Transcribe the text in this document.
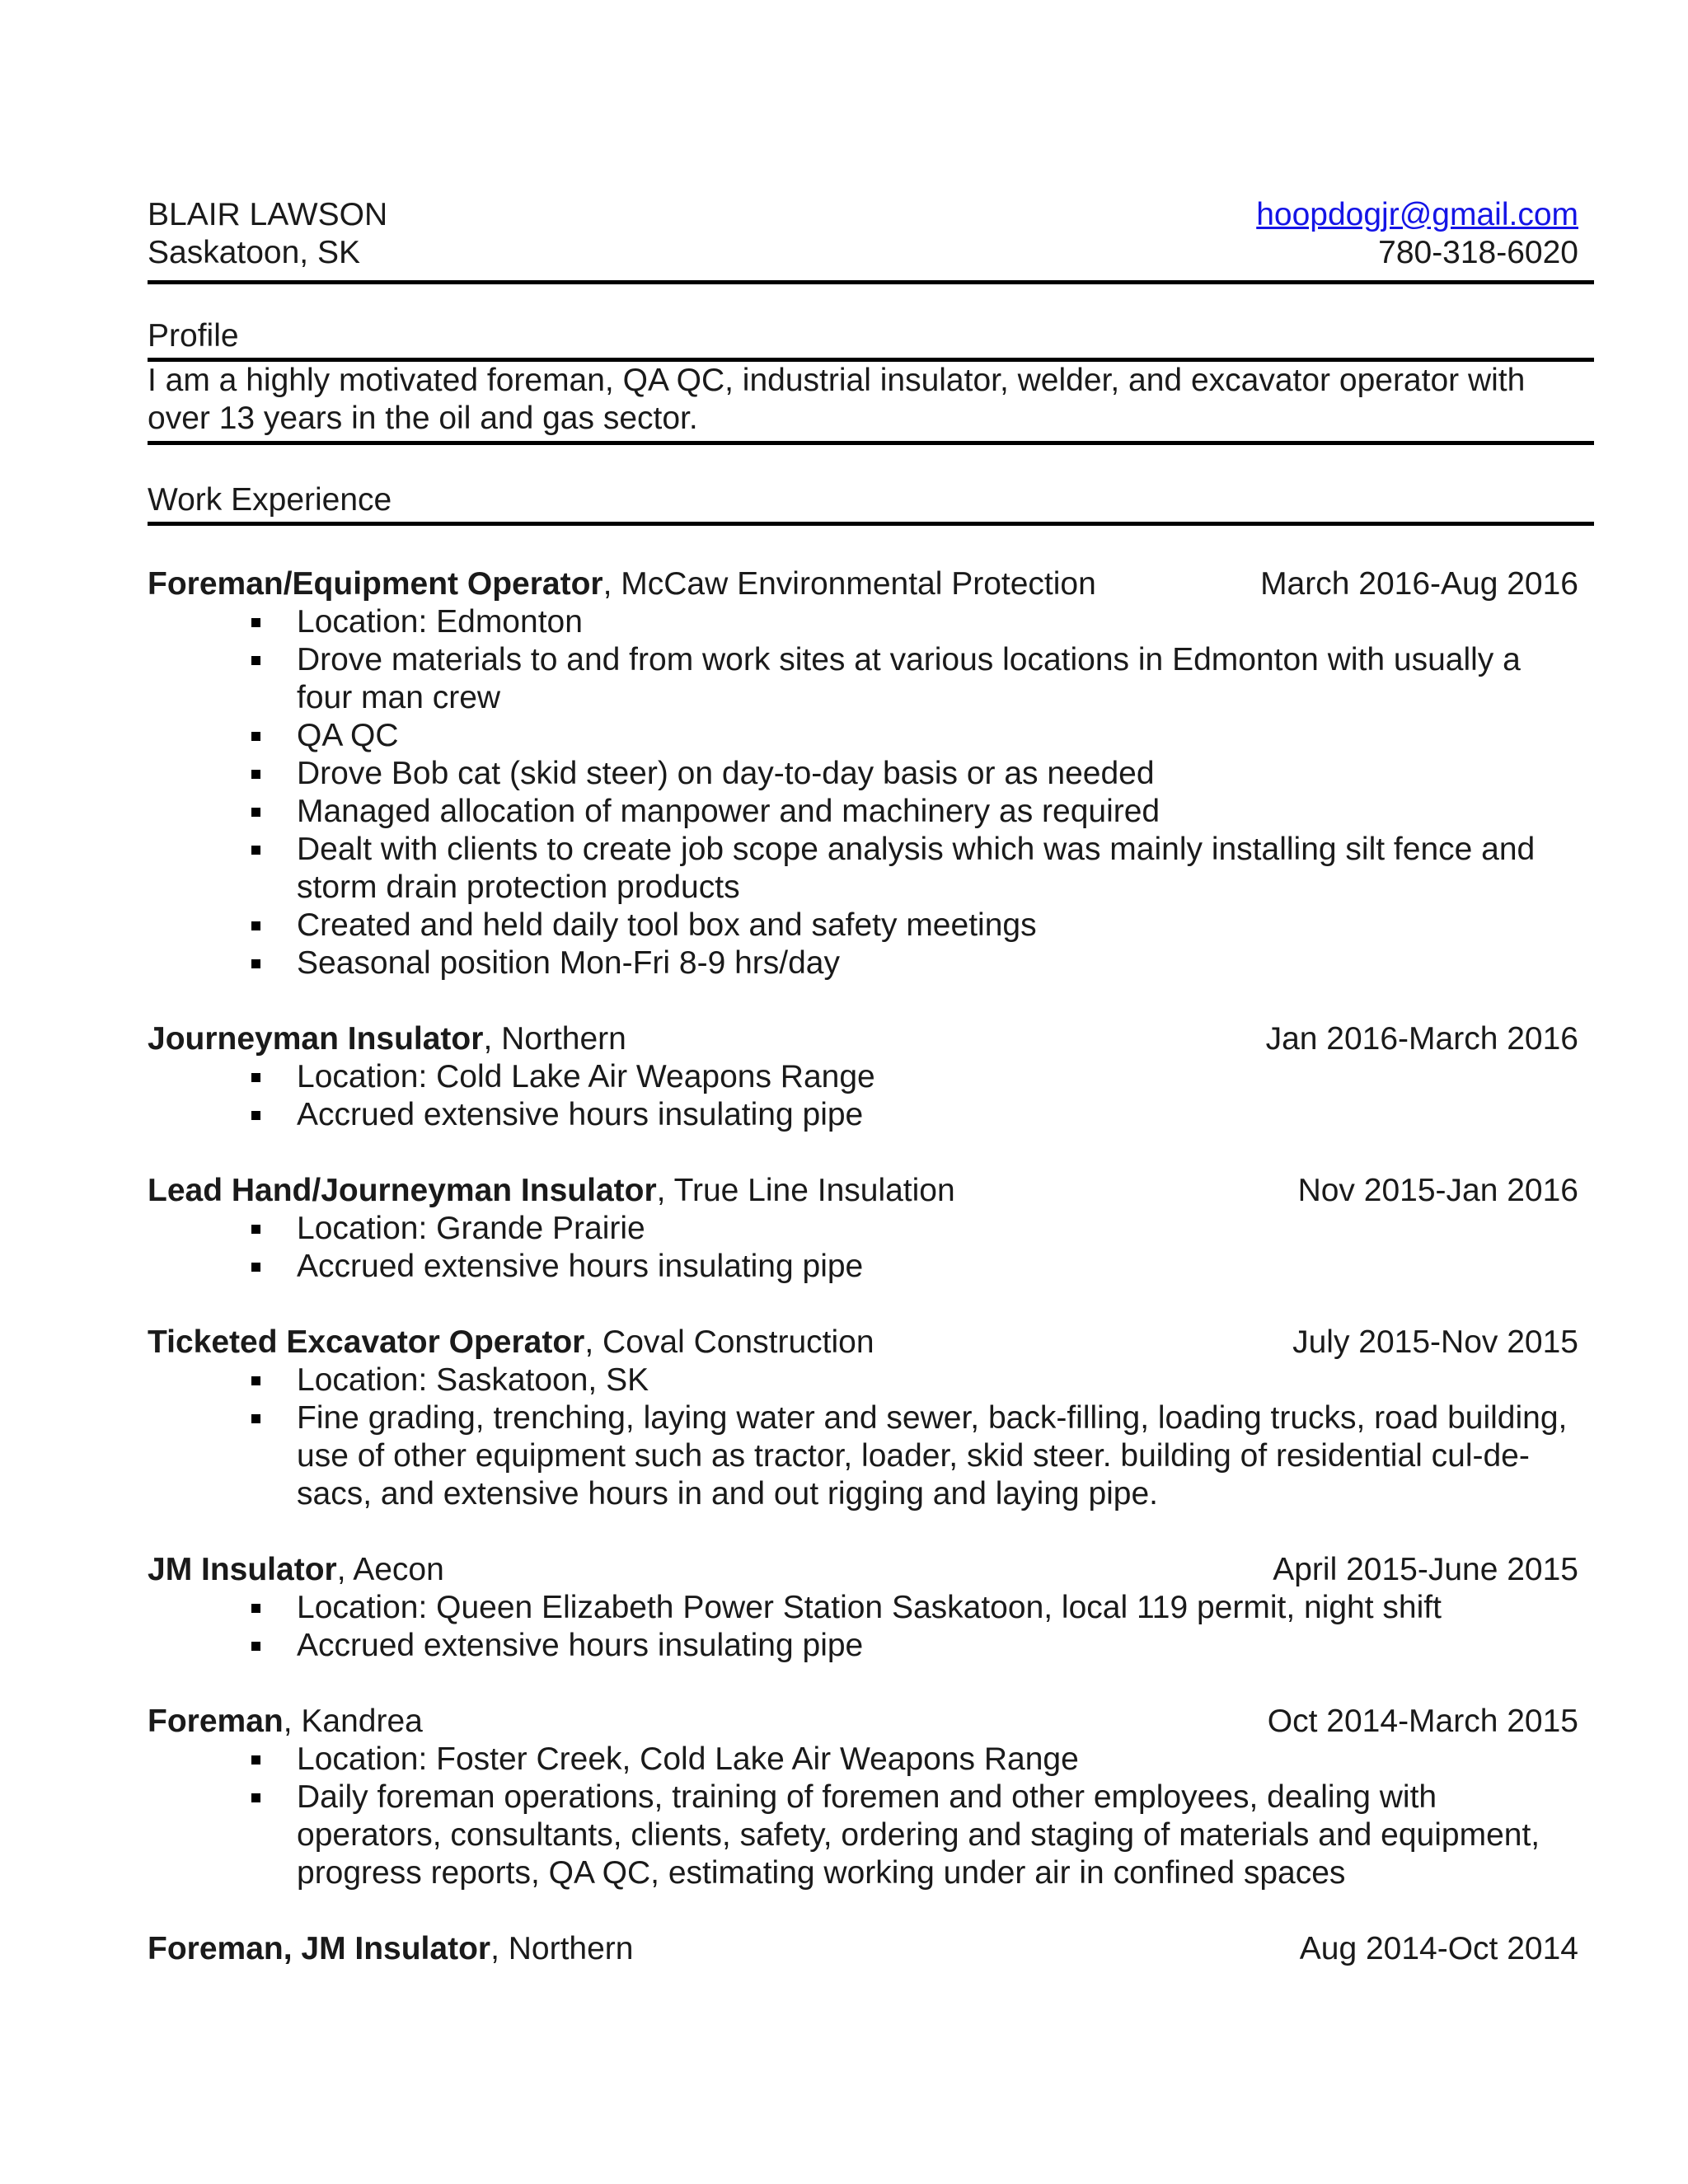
BLAIR LAWSON
Saskatoon, SK
hoopdogjr@gmail.com
780-318-6020
Profile
I am a highly motivated foreman, QA QC, industrial insulator, welder, and excavator operator with over 13 years in the oil and gas sector.
Work Experience
Foreman/Equipment Operator, McCaw Environmental Protection	March 2016-Aug 2016
Location: Edmonton
Drove materials to and from work sites at various locations in Edmonton with usually a four man crew
QA QC
Drove Bob cat (skid steer) on day-to-day basis or as needed
Managed allocation of manpower and machinery as required
Dealt with clients to create job scope analysis which was mainly installing silt fence and storm drain protection products
Created and held daily tool box and safety meetings
Seasonal position Mon-Fri 8-9 hrs/day
Journeyman Insulator, Northern	Jan 2016-March 2016
Location: Cold Lake Air Weapons Range
Accrued extensive hours insulating pipe
Lead Hand/Journeyman Insulator, True Line Insulation	Nov 2015-Jan 2016
Location: Grande Prairie
Accrued extensive hours insulating pipe
Ticketed Excavator Operator, Coval Construction	July 2015-Nov 2015
Location: Saskatoon, SK
Fine grading, trenching, laying water and sewer, back-filling, loading trucks, road building, use of other equipment such as tractor, loader, skid steer. building of residential cul-de-sacs, and extensive hours in and out rigging and laying pipe.
JM Insulator, Aecon	April 2015-June 2015
Location: Queen Elizabeth Power Station Saskatoon, local 119 permit, night shift
Accrued extensive hours insulating pipe
Foreman, Kandrea	Oct 2014-March 2015
Location: Foster Creek, Cold Lake Air Weapons Range
Daily foreman operations, training of foremen and other employees, dealing with operators, consultants, clients, safety, ordering and staging of materials and equipment, progress reports, QA QC, estimating working under air in confined spaces
Foreman, JM Insulator, Northern	Aug 2014-Oct 2014
